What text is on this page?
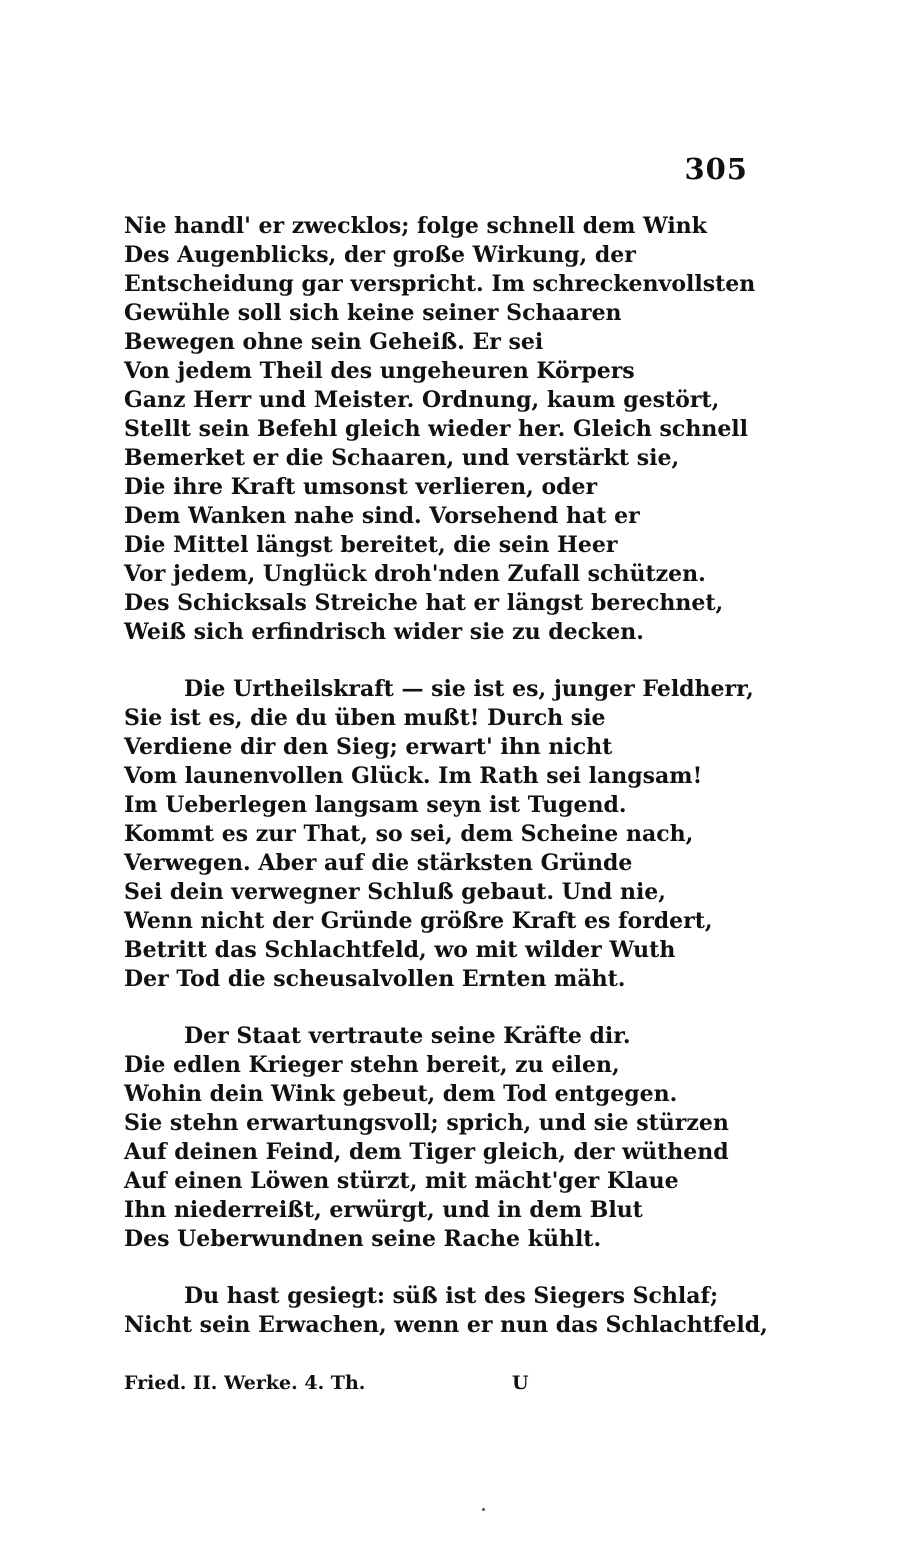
305
Nie handl' er zwecklos; folge schnell dem Wink
Des Augenblicks, der große Wirkung, der
Entscheidung gar verspricht. Im schreckenvollsten
Gewühle soll sich keine seiner Schaaren
Bewegen ohne sein Geheiß. Er sei
Von jedem Theil des ungeheuren Körpers
Ganz Herr und Meister. Ordnung, kaum gestört,
Stellt sein Befehl gleich wieder her. Gleich schnell
Bemerket er die Schaaren, und verstärkt sie,
Die ihre Kraft umsonst verlieren, oder
Dem Wanken nahe sind. Vorsehend hat er
Die Mittel längst bereitet, die sein Heer
Vor jedem, Unglück droh'nden Zufall schützen.
Des Schicksals Streiche hat er längst berechnet,
Weiß sich erfindrisch wider sie zu decken.
Die Urtheilskraft — sie ist es, junger Feldherr,
Sie ist es, die du üben mußt! Durch sie
Verdiene dir den Sieg; erwart' ihn nicht
Vom launenvollen Glück. Im Rath sei langsam!
Im Ueberlegen langsam seyn ist Tugend.
Kommt es zur That, so sei, dem Scheine nach,
Verwegen. Aber auf die stärksten Gründe
Sei dein verwegner Schluß gebaut. Und nie,
Wenn nicht der Gründe größre Kraft es fordert,
Betritt das Schlachtfeld, wo mit wilder Wuth
Der Tod die scheusalvollen Ernten mäht.
Der Staat vertraute seine Kräfte dir.
Die edlen Krieger stehn bereit, zu eilen,
Wohin dein Wink gebeut, dem Tod entgegen.
Sie stehn erwartungsvoll; sprich, und sie stürzen
Auf deinen Feind, dem Tiger gleich, der wüthend
Auf einen Löwen stürzt, mit mächt'ger Klaue
Ihn niederreißt, erwürgt, und in dem Blut
Des Ueberwundnen seine Rache kühlt.
Du hast gesiegt: süß ist des Siegers Schlaf;
Nicht sein Erwachen, wenn er nun das Schlachtfeld,
Fried. II. Werke. 4. Th.	U
